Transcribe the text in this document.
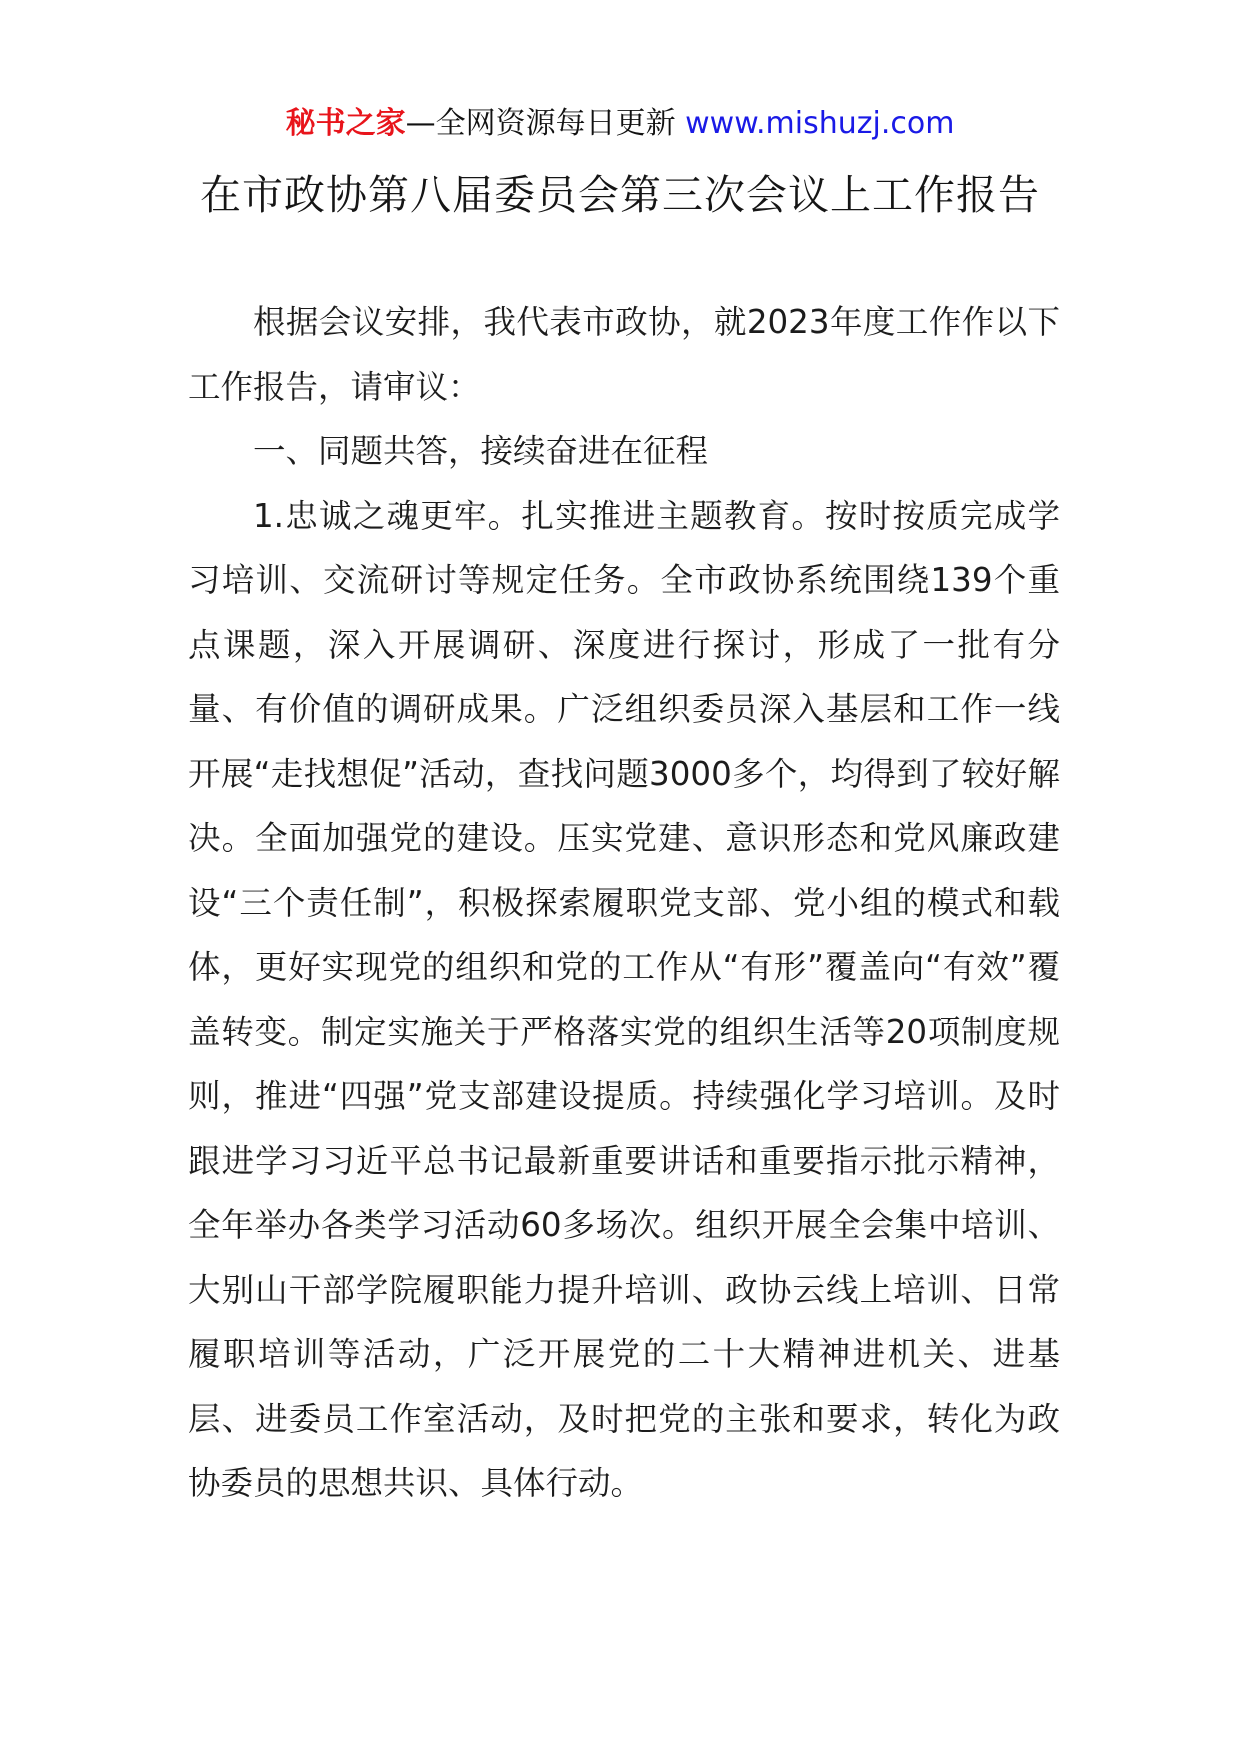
秘书之家—全网资源每日更新 www.mishuzj.com
在市政协第八届委员会第三次会议上工作报告

根据会议安排，我代表市政协，就2023年度工作作以下工作报告，请审议：

一、同题共答，接续奋进在征程

1.忠诚之魂更牢。扎实推进主题教育。按时按质完成学习培训、交流研讨等规定任务。全市政协系统围绕139个重点课题，深入开展调研、深度进行探讨，形成了一批有分量、有价值的调研成果。广泛组织委员深入基层和工作一线开展“走找想促”活动，查找问题3000多个，均得到了较好解决。全面加强党的建设。压实党建、意识形态和党风廉政建设“三个责任制”，积极探索履职党支部、党小组的模式和载体，更好实现党的组织和党的工作从“有形”覆盖向“有效”覆盖转变。制定实施关于严格落实党的组织生活等20项制度规则，推进“四强”党支部建设提质。持续强化学习培训。及时跟进学习习近平总书记最新重要讲话和重要指示批示精神，全年举办各类学习活动60多场次。组织开展全会集中培训、大别山干部学院履职能力提升培训、政协云线上培训、日常履职培训等活动，广泛开展党的二十大精神进机关、进基层、进委员工作室活动，及时把党的主张和要求，转化为政协委员的思想共识、具体行动。
